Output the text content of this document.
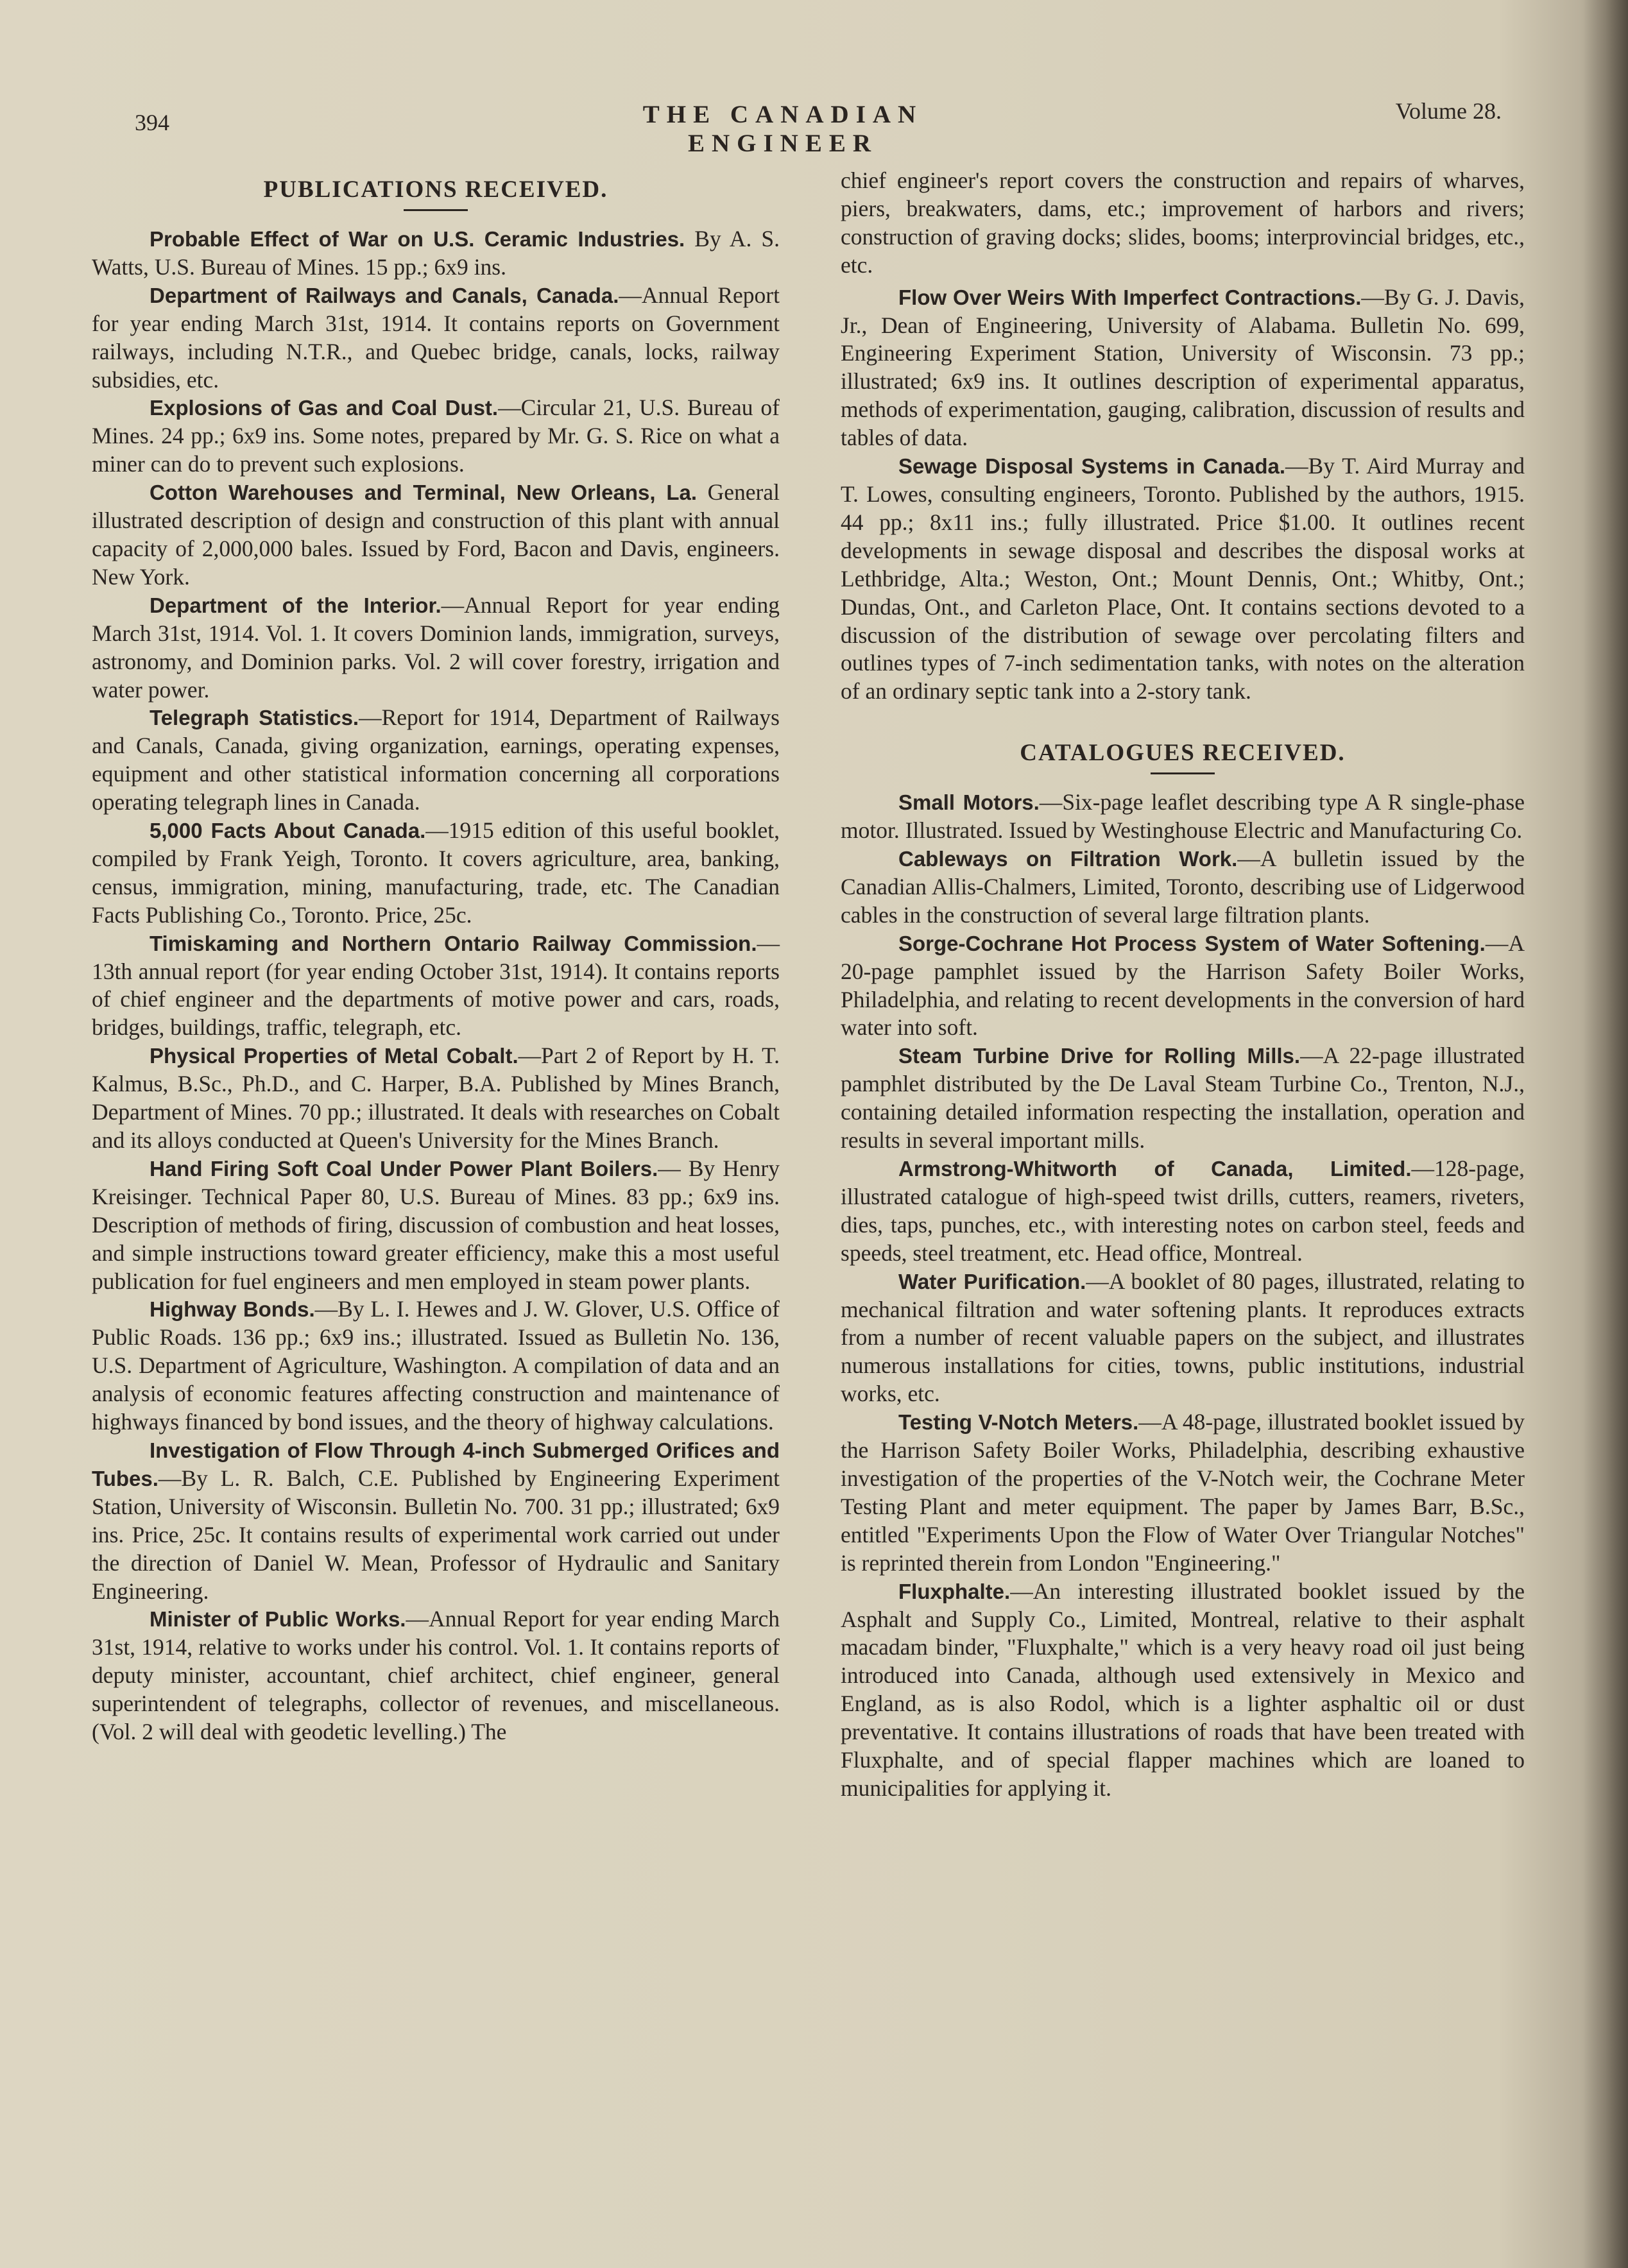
394	THE CANADIAN ENGINEER
Volume 28.
PUBLICATIONS RECEIVED.

Probable Effect of War on U.S. Ceramic Industries. By A. S. Watts, U.S. Bureau of Mines. 15 pp.; 6x9 ins.

Department of Railways and Canals, Canada.—Annual Report for year ending March 31st, 1914. It contains reports on Government railways, including N.T.R., and Quebec bridge, canals, locks, railway subsidies, etc.

Explosions of Gas and Coal Dust.—Circular 21, U.S. Bureau of Mines. 24 pp.; 6x9 ins. Some notes, prepared by Mr. G. S. Rice on what a miner can do to prevent such explosions.

Cotton Warehouses and Terminal, New Orleans, La. General illustrated description of design and construction of this plant with annual capacity of 2,000,000 bales. Issued by Ford, Bacon and Davis, engineers. New York.

Department of the Interior.—Annual Report for year ending March 31st, 1914. Vol. 1. It covers Dominion lands, immigration, surveys, astronomy, and Dominion parks. Vol. 2 will cover forestry, irrigation and water power.

Telegraph Statistics.—Report for 1914, Department of Railways and Canals, Canada, giving organization, earnings, operating expenses, equipment and other statistical information concerning all corporations operating telegraph lines in Canada.

5,000 Facts About Canada.—1915 edition of this useful booklet, compiled by Frank Yeigh, Toronto. It covers agriculture, area, banking, census, immigration, mining, manufacturing, trade, etc. The Canadian Facts Publishing Co., Toronto. Price, 25c.

Timiskaming and Northern Ontario Railway Commission.—13th annual report (for year ending October 31st, 1914). It contains reports of chief engineer and the departments of motive power and cars, roads, bridges, buildings, traffic, telegraph, etc.

Physical Properties of Metal Cobalt.—Part 2 of Report by H. T. Kalmus, B.Sc., Ph.D., and C. Harper, B.A. Published by Mines Branch, Department of Mines. 70 pp.; illustrated. It deals with researches on Cobalt and its alloys conducted at Queen's University for the Mines Branch.

Hand Firing Soft Coal Under Power Plant Boilers.— By Henry Kreisinger. Technical Paper 80, U.S. Bureau of Mines. 83 pp.; 6x9 ins. Description of methods of firing, discussion of combustion and heat losses, and simple instructions toward greater efficiency, make this a most useful publication for fuel engineers and men employed in steam power plants.

Highway Bonds.—By L. I. Hewes and J. W. Glover, U.S. Office of Public Roads. 136 pp.; 6x9 ins.; illustrated. Issued as Bulletin No. 136, U.S. Department of Agriculture, Washington. A compilation of data and an analysis of economic features affecting construction and maintenance of highways financed by bond issues, and the theory of highway calculations.

Investigation of Flow Through 4-inch Submerged Orifices and Tubes.—By L. R. Balch, C.E. Published by Engineering Experiment Station, University of Wisconsin. Bulletin No. 700. 31 pp.; illustrated; 6x9 ins. Price, 25c. It contains results of experimental work carried out under the direction of Daniel W. Mean, Professor of Hydraulic and Sanitary Engineering.

Minister of Public Works.—Annual Report for year ending March 31st, 1914, relative to works under his control. Vol. 1. It contains reports of deputy minister, accountant, chief architect, chief engineer, general superintendent of telegraphs, collector of revenues, and miscellaneous. (Vol. 2 will deal with geodetic levelling.) The

chief engineer's report covers the construction and repairs of wharves, piers, breakwaters, dams, etc.; improvement of harbors and rivers; construction of graving docks; slides, booms; interprovincial bridges, etc., etc.

Flow Over Weirs With Imperfect Contractions.—By G. J. Davis, Jr., Dean of Engineering, University of Alabama. Bulletin No. 699, Engineering Experiment Station, University of Wisconsin. 73 pp.; illustrated; 6x9 ins. It outlines description of experimental apparatus, methods of experimentation, gauging, calibration, discussion of results and tables of data.

Sewage Disposal Systems in Canada.—By T. Aird Murray and T. Lowes, consulting engineers, Toronto. Published by the authors, 1915. 44 pp.; 8x11 ins.; fully illustrated. Price $1.00. It outlines recent developments in sewage disposal and describes the disposal works at Lethbridge, Alta.; Weston, Ont.; Mount Dennis, Ont.; Whitby, Ont.; Dundas, Ont., and Carleton Place, Ont. It contains sections devoted to a discussion of the distribution of sewage over percolating filters and outlines types of 7-inch sedimentation tanks, with notes on the alteration of an ordinary septic tank into a 2-story tank.

CATALOGUES RECEIVED.

Small Motors.—Six-page leaflet describing type A R single-phase motor. Illustrated. Issued by Westinghouse Electric and Manufacturing Co.

Cableways on Filtration Work.—A bulletin issued by the Canadian Allis-Chalmers, Limited, Toronto, describing use of Lidgerwood cables in the construction of several large filtration plants.

Sorge-Cochrane Hot Process System of Water Softening.—A 20-page pamphlet issued by the Harrison Safety Boiler Works, Philadelphia, and relating to recent developments in the conversion of hard water into soft.

Steam Turbine Drive for Rolling Mills.—A 22-page illustrated pamphlet distributed by the De Laval Steam Turbine Co., Trenton, N.J., containing detailed information respecting the installation, operation and results in several important mills.

Armstrong-Whitworth of Canada, Limited.—128-page, illustrated catalogue of high-speed twist drills, cutters, reamers, riveters, dies, taps, punches, etc., with interesting notes on carbon steel, feeds and speeds, steel treatment, etc. Head office, Montreal.

Water Purification.—A booklet of 80 pages, illustrated, relating to mechanical filtration and water softening plants. It reproduces extracts from a number of recent valuable papers on the subject, and illustrates numerous installations for cities, towns, public institutions, industrial works, etc.

Testing V-Notch Meters.—A 48-page, illustrated booklet issued by the Harrison Safety Boiler Works, Philadelphia, describing exhaustive investigation of the properties of the V-Notch weir, the Cochrane Meter Testing Plant and meter equipment. The paper by James Barr, B.Sc., entitled "Experiments Upon the Flow of Water Over Triangular Notches" is reprinted therein from London "Engineering."

Fluxphalte.—An interesting illustrated booklet issued by the Asphalt and Supply Co., Limited, Montreal, relative to their asphalt macadam binder, "Fluxphalte," which is a very heavy road oil just being introduced into Canada, although used extensively in Mexico and England, as is also Rodol, which is a lighter asphaltic oil or dust preventative. It contains illustrations of roads that have been treated with Fluxphalte, and of special flapper machines which are loaned to municipalities for applying it.
